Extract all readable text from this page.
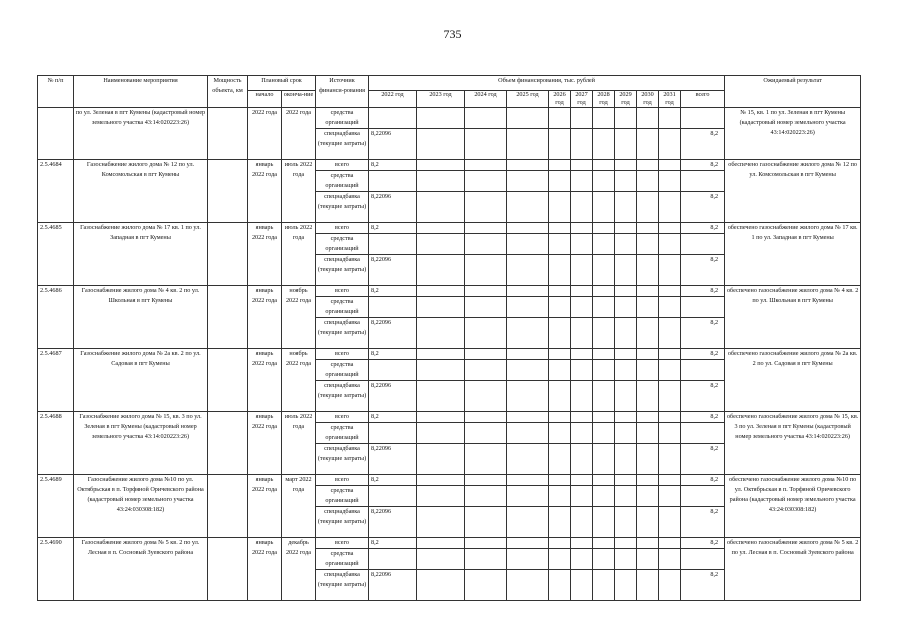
735
№ п/п	Наименование мероприятия	Мощность объекта, км	Плановый срок		Источник финанси-рования	Объем финансирования, тыс. рублей											Ожидаемый результат
			начало	оконча-ние		2022 год	2023 год	2024 год	2025 год	2026 год	2027 год	2028 год	2029 год	2030 год	2031 год	всего	
	по ул. Зеленая в пгт Кумены (кадастровый номер земельного участка 43:14:020223:26)		2022 года	2022 года	средства организаций												№ 15, кв. 1 по ул. Зеленая в пгт Кумены (кадастровый номер земельного участка 43:14:020223:26)
					спецнадбавка (текущие затраты)	8,22096										8,2	
2.5.4684	Газоснабжение жилого дома № 12 по ул. Комсомольская в пгт Кумены		январь 2022 года	июль 2022 года	всего	8,2										8,2	обеспечено газоснабжение жилого дома № 12 по ул. Комсомольская в пгт Кумены
					средства организаций												
					спецнадбавка (текущие затраты)	8,22096										8,2	
2.5.4685	Газоснабжение жилого дома № 17 кв. 1 по ул. Западная в пгт Кумены		январь 2022 года	июль 2022 года	всего	8,2										8,2	обеспечено газоснабжение жилого дома № 17 кв. 1 по ул. Западная в пгт Кумены
					средства организаций												
					спецнадбавка (текущие затраты)	8,22096										8,2	
2.5.4686	Газоснабжение жилого дома № 4 кв. 2 по ул. Школьная в пгт Кумены		январь 2022 года	ноябрь 2022 года	всего	8,2										8,2	обеспечено газоснабжение жилого дома № 4 кв. 2 по ул. Школьная в пгт Кумены
					средства организаций												
					спецнадбавка (текущие затраты)	8,22096										8,2	
2.5.4687	Газоснабжение жилого дома № 2а кв. 2 по ул. Садовая в пгт Кумены		январь 2022 года	ноябрь 2022 года	всего	8,2										8,2	обеспечено газоснабжение жилого дома № 2а кв. 2 по ул. Садовая в пгт Кумены
					средства организаций												
					спецнадбавка (текущие затраты)	8,22096										8,2	
2.5.4688	Газоснабжение жилого дома № 15, кв. 3 по ул. Зеленая в пгт Кумены (кадастровый номер земельного участка 43:14:020223:26)		январь 2022 года	июль 2022 года	всего	8,2										8,2	обеспечено газоснабжение жилого дома № 15, кв. 3 по ул. Зеленая в пгт Кумены (кадастровый номер земельного участка 43:14:020223:26)
					средства организаций												
					спецнадбавка (текущие затраты)	8,22096										8,2	
2.5.4689	Газоснабжение жилого дома №10 по ул. Октябрьская в п. Торфяной Оричевского района (кадастровый номер земельного участка 43:24:030308:182)		январь 2022 года	март 2022 года	всего	8,2										8,2	обеспечено газоснабжение жилого дома №10 по ул. Октябрьская в п. Торфяной Оричевского района (кадастровый номер земельного участка 43:24:030308:182)
					средства организаций												
					спецнадбавка (текущие затраты)	8,22096										8,2	
2.5.4690	Газоснабжение жилого дома № 5 кв. 2 по ул. Лесная в п. Сосновый Зуевского района		январь 2022 года	декабрь 2022 года	всего	8,2										8,2	обеспечено газоснабжение жилого дома № 5 кв. 2 по ул. Лесная в п. Сосновый Зуевского района
					средства организаций												
					спецнадбавка (текущие затраты)	8,22096										8,2	
